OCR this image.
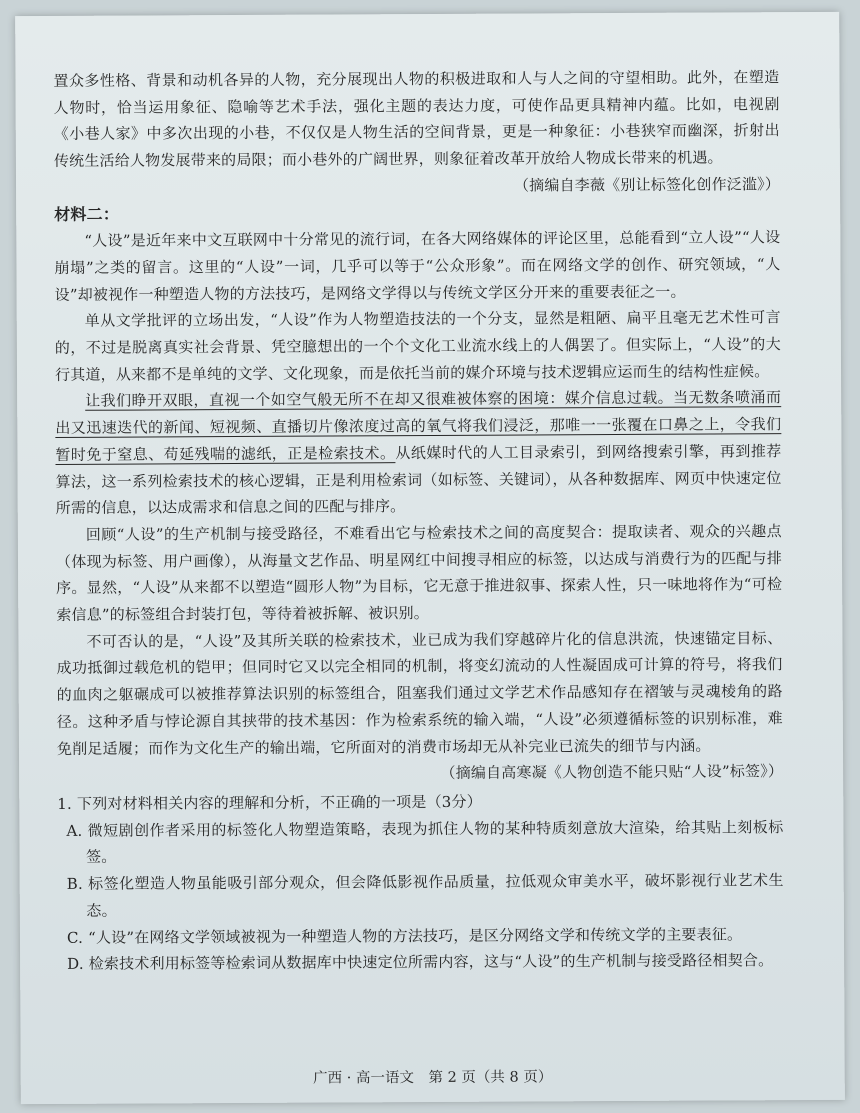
置众多性格、背景和动机各异的人物，充分展现出人物的积极进取和人与人之间的守望相助。此外，在塑造人物时，恰当运用象征、隐喻等艺术手法，强化主题的表达力度，可使作品更具精神内蕴。比如，电视剧《小巷人家》中多次出现的小巷，不仅仅是人物生活的空间背景，更是一种象征：小巷狭窄而幽深，折射出传统生活给人物发展带来的局限；而小巷外的广阔世界，则象征着改革开放给人物成长带来的机遇。

（摘编自李薇《别让标签化创作泛滥》）

材料二：

“人设”是近年来中文互联网中十分常见的流行词，在各大网络媒体的评论区里，总能看到“立人设”“人设崩塌”之类的留言。这里的“人设”一词，几乎可以等于“公众形象”。而在网络文学的创作、研究领域，“人设”却被视作一种塑造人物的方法技巧，是网络文学得以与传统文学区分开来的重要表征之一。

单从文学批评的立场出发，“人设”作为人物塑造技法的一个分支，显然是粗陋、扁平且毫无艺术性可言的，不过是脱离真实社会背景、凭空臆想出的一个个文化工业流水线上的人偶罢了。但实际上，“人设”的大行其道，从来都不是单纯的文学、文化现象，而是依托当前的媒介环境与技术逻辑应运而生的结构性症候。

让我们睁开双眼，直视一个如空气般无所不在却又很难被体察的困境：媒介信息过载。当无数条喷涌而出又迅速迭代的新闻、短视频、直播切片像浓度过高的氧气将我们浸泛，那唯一一张覆在口鼻之上，令我们暂时免于窒息、苟延残喘的滤纸，正是检索技术。从纸媒时代的人工目录索引，到网络搜索引擎，再到推荐算法，这一系列检索技术的核心逻辑，正是利用检索词（如标签、关键词），从各种数据库、网页中快速定位所需的信息，以达成需求和信息之间的匹配与排序。

回顾“人设”的生产机制与接受路径，不难看出它与检索技术之间的高度契合：提取读者、观众的兴趣点（体现为标签、用户画像），从海量文艺作品、明星网红中间搜寻相应的标签，以达成与消费行为的匹配与排序。显然，“人设”从来都不以塑造“圆形人物”为目标，它无意于推进叙事、探索人性，只一味地将作为“可检索信息”的标签组合封装打包，等待着被拆解、被识别。

不可否认的是，“人设”及其所关联的检索技术，业已成为我们穿越碎片化的信息洪流，快速锚定目标、成功抵御过载危机的铠甲；但同时它又以完全相同的机制，将变幻流动的人性凝固成可计算的符号，将我们的血肉之躯碾成可以被推荐算法识别的标签组合，阻塞我们通过文学艺术作品感知存在褶皱与灵魂棱角的路径。这种矛盾与悖论源自其挟带的技术基因：作为检索系统的输入端，“人设”必须遵循标签的识别标准，难免削足适履；而作为文化生产的输出端，它所面对的消费市场却无从补完业已流失的细节与内涵。

（摘编自高寒凝《人物创造不能只贴“人设”标签》）

1. 下列对材料相关内容的理解和分析，不正确的一项是（3分）

A. 微短剧创作者采用的标签化人物塑造策略，表现为抓住人物的某种特质刻意放大渲染，给其贴上刻板标签。

B. 标签化塑造人物虽能吸引部分观众，但会降低影视作品质量，拉低观众审美水平，破坏影视行业艺术生态。

C. “人设”在网络文学领域被视为一种塑造人物的方法技巧，是区分网络文学和传统文学的主要表征。

D. 检索技术利用标签等检索词从数据库中快速定位所需内容，这与“人设”的生产机制与接受路径相契合。

广西 · 高一语文　第 2 页（共 8 页）
